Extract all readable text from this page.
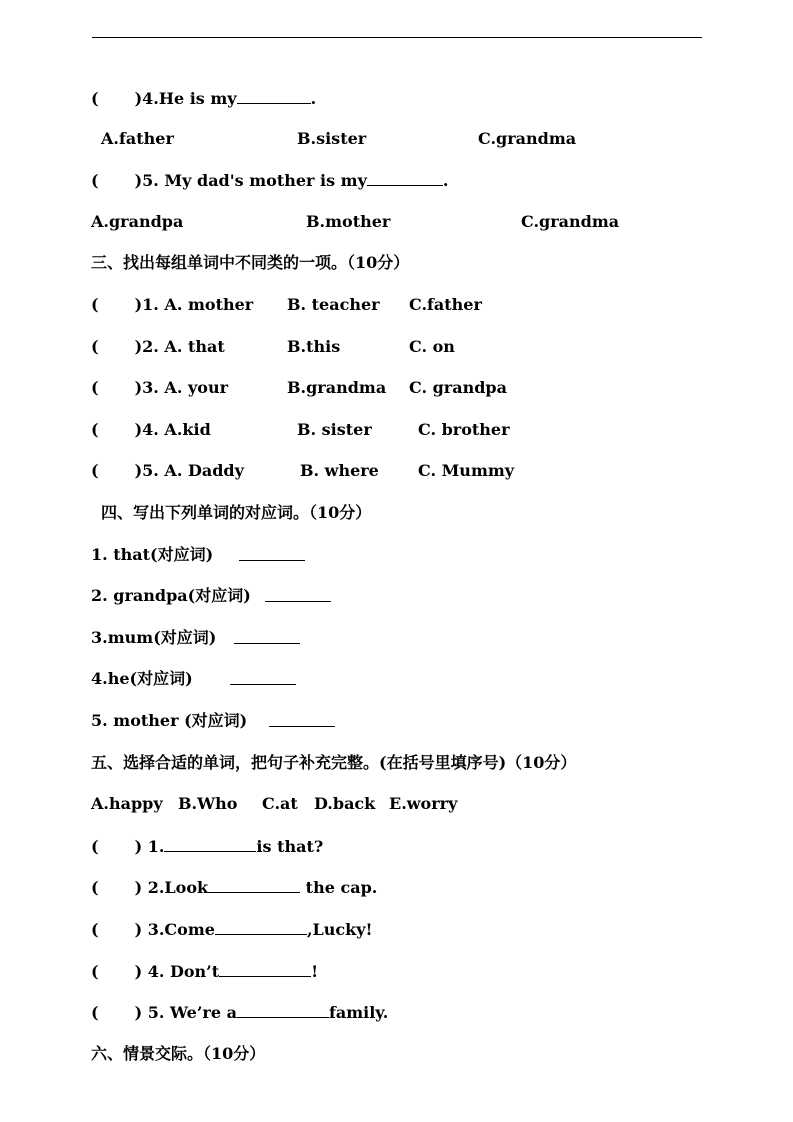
( )4.He is my	.
A.father	B.sister	C.grandma
( )5. My dad's mother is my	.
A.grandpa	B.mother	C.grandma
三、找出每组单词中不同类的一项。（10分）
( )1. A. mother B. teacher C.father
( )2. A. that	B.this	C. on
( )3. A. your	B.grandma C. grandpa
( )4. A.kid	B. sister	C. brother
( )5. A. Daddy	B. where C. Mummy
四、写出下列单词的对应词。（10分）
1. that(对应词)
2. grandpa(对应词)
3.mum(对应词)
4.he(对应词)
5. mother (对应词)
五、选择合适的单词，把句子补充完整。(在括号里填序号)（10分）
A.happy B.Who C.at D.back E.worry
( ) 1.	is that?
( ) 2.Look	the cap.
( ) 3.Come	,Lucky!
( ) 4. Don’t	!
( ) 5. We’re a	family.
六、情景交际。（10分）
